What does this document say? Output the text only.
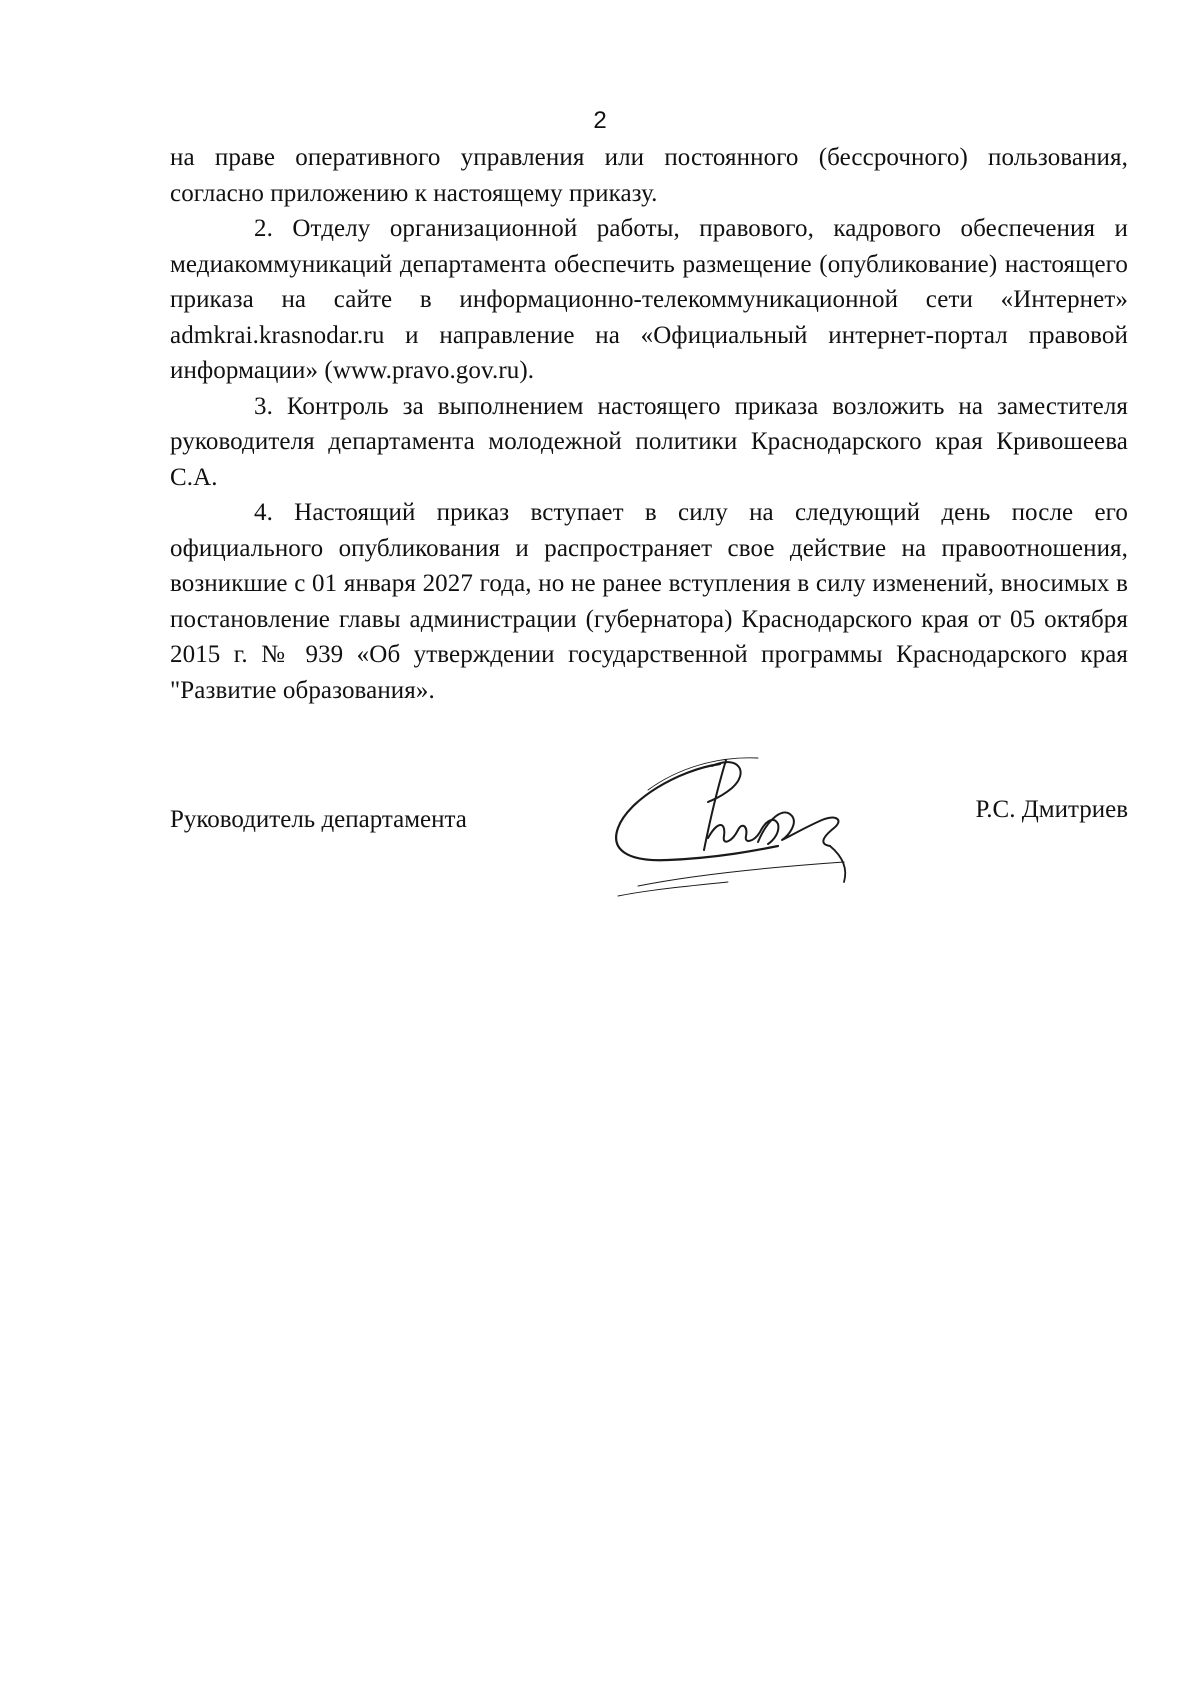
2

на праве оперативного управления или постоянного (бессрочного) пользования, согласно приложению к настоящему приказу.

2. Отделу организационной работы, правового, кадрового обеспечения и медиакоммуникаций департамента обеспечить размещение (опубликование) настоящего приказа на сайте в информационно-телекоммуникационной сети «Интернет» admkrai.krasnodar.ru и направление на «Официальный интернет-портал правовой информации» (www.pravo.gov.ru).

3. Контроль за выполнением настоящего приказа возложить на заместителя руководителя департамента молодежной политики Краснодарского края Кривошеева С.А.

4. Настоящий приказ вступает в силу на следующий день после его официального опубликования и распространяет свое действие на правоотношения, возникшие с 01 января 2027 года, но не ранее вступления в силу изменений, вносимых в постановление главы администрации (губернатора) Краснодарского края от 05 октября 2015 г. № 939 «Об утверждении государственной программы Краснодарского края "Развитие образования».

Руководитель департамента	Р.С. Дмитриев
